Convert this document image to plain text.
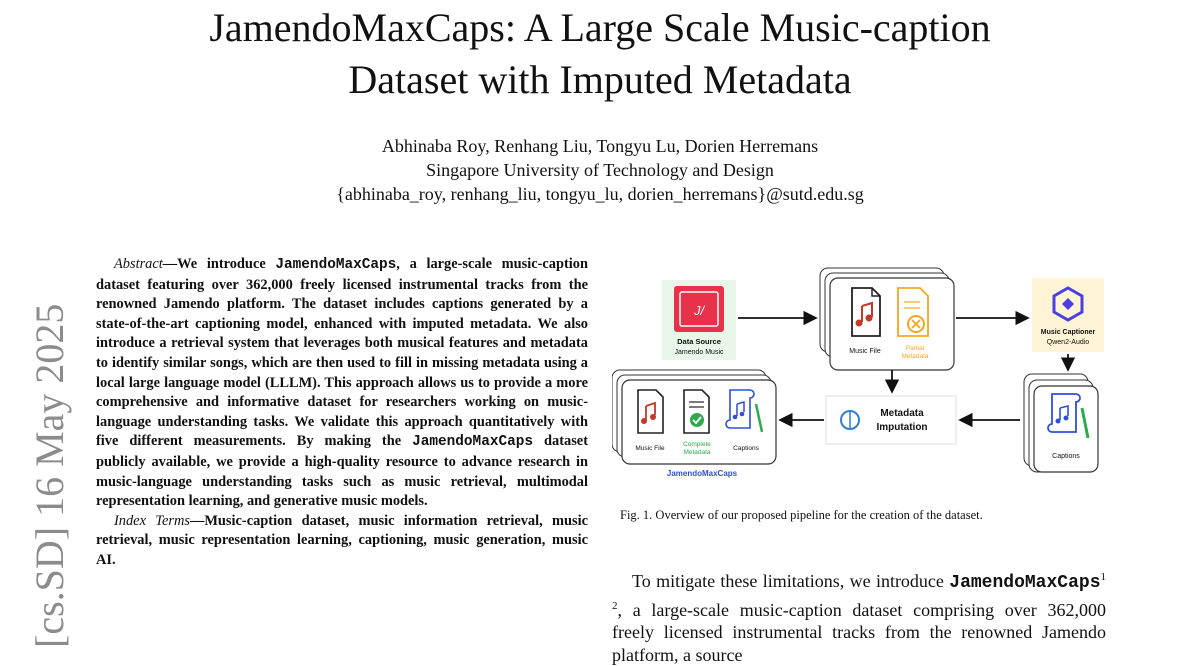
JamendoMaxCaps: A Large Scale Music-caption
Dataset with Imputed Metadata
Abhinaba Roy, Renhang Liu, Tongyu Lu, Dorien Herremans
Singapore University of Technology and Design
{abhinaba_roy, renhang_liu, tongyu_lu, dorien_herremans}@sutd.edu.sg
[cs.SD] 16 May 2025

Abstract—We introduce JamendoMaxCaps, a large-scale music-caption dataset featuring over 362,000 freely licensed instrumental tracks from the renowned Jamendo platform. The dataset includes captions generated by a state-of-the-art captioning model, enhanced with imputed metadata. We also introduce a retrieval system that leverages both musical features and metadata to identify similar songs, which are then used to fill in missing metadata using a local large language model (LLLM). This approach allows us to provide a more comprehensive and informative dataset for researchers working on music-language understanding tasks. We validate this approach quantitatively with five different measurements. By making the JamendoMaxCaps dataset publicly available, we provide a high-quality resource to advance research in music-language understanding tasks such as music retrieval, multimodal representation learning, and generative music models.

Index Terms—Music-caption dataset, music information retrieval, music retrieval, music representation learning, captioning, music generation, music AI.

J/
Data Source
Jamendo Music	Music File	Partial
Metadata
Music Captioner
Qwen2-Audio
Captions
Metadata
Imputation
Music File
Complete
Metadata
Captions
JamendoMaxCaps
Fig. 1. Overview of our proposed pipeline for the creation of the dataset.

To mitigate these limitations, we introduce JamendoMaxCaps$^{1 2}$, a large-scale music-caption dataset comprising over 362,000 freely licensed instrumental tracks from the renowned Jamendo platform, a source
